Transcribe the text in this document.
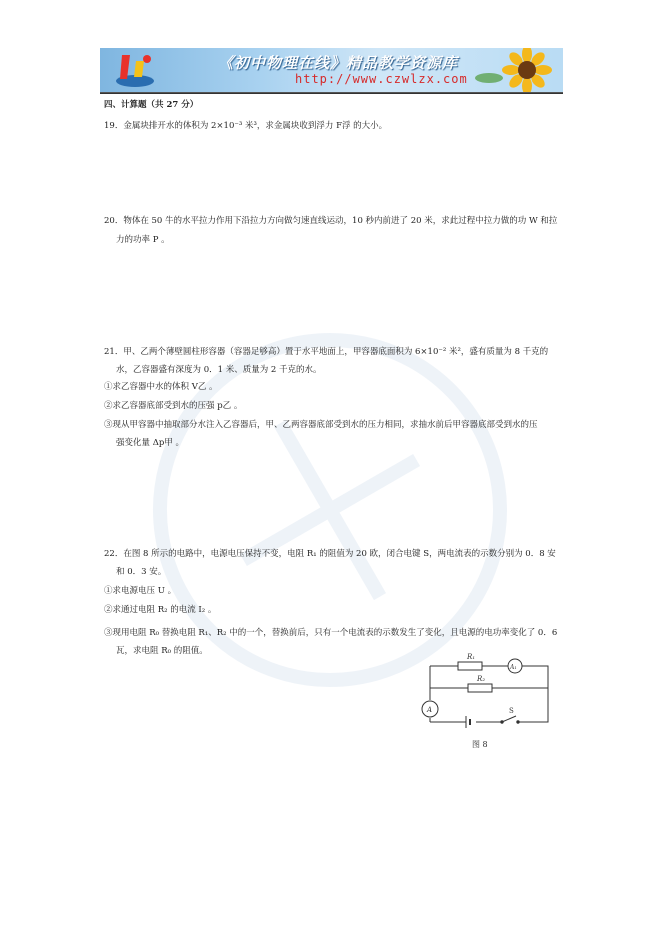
《初中物理在线》精品教学资源库
http://www.czwlzx.com
四、计算题（共 27 分）
19．金属块排开水的体积为 2×10⁻³ 米³，求金属块收到浮力 F浮 的大小。
20．物体在 50 牛的水平拉力作用下沿拉力方向做匀速直线运动，10 秒内前进了 20 米，求此过程中拉力做的功 W 和拉
力的功率 P 。
21．甲、乙两个薄壁圆柱形容器（容器足够高）置于水平地面上，甲容器底面积为 6×10⁻² 米²，盛有质量为 8 千克的
水，乙容器盛有深度为 0．1 米、质量为 2 千克的水。
①求乙容器中水的体积 V乙 。
②求乙容器底部受到水的压强 p乙 。
③现从甲容器中抽取部分水注入乙容器后，甲、乙两容器底部受到水的压力相同，求抽水前后甲容器底部受到水的压
强变化量 Δp甲 。
22．在图 8 所示的电路中，电源电压保持不变，电阻 R₁ 的阻值为 20 欧，闭合电键 S，两电流表的示数分别为 0．8 安
和 0．3 安。
①求电源电压 U 。
②求通过电阻 R₂ 的电流 I₂ 。
③现用电阻 R₀ 替换电阻 R₁、R₂ 中的一个，替换前后，只有一个电流表的示数发生了变化，且电源的电功率变化了 0．6
瓦，求电阻 R₀ 的阻值。
R₁
R₂
A₁
A	S
图 8
